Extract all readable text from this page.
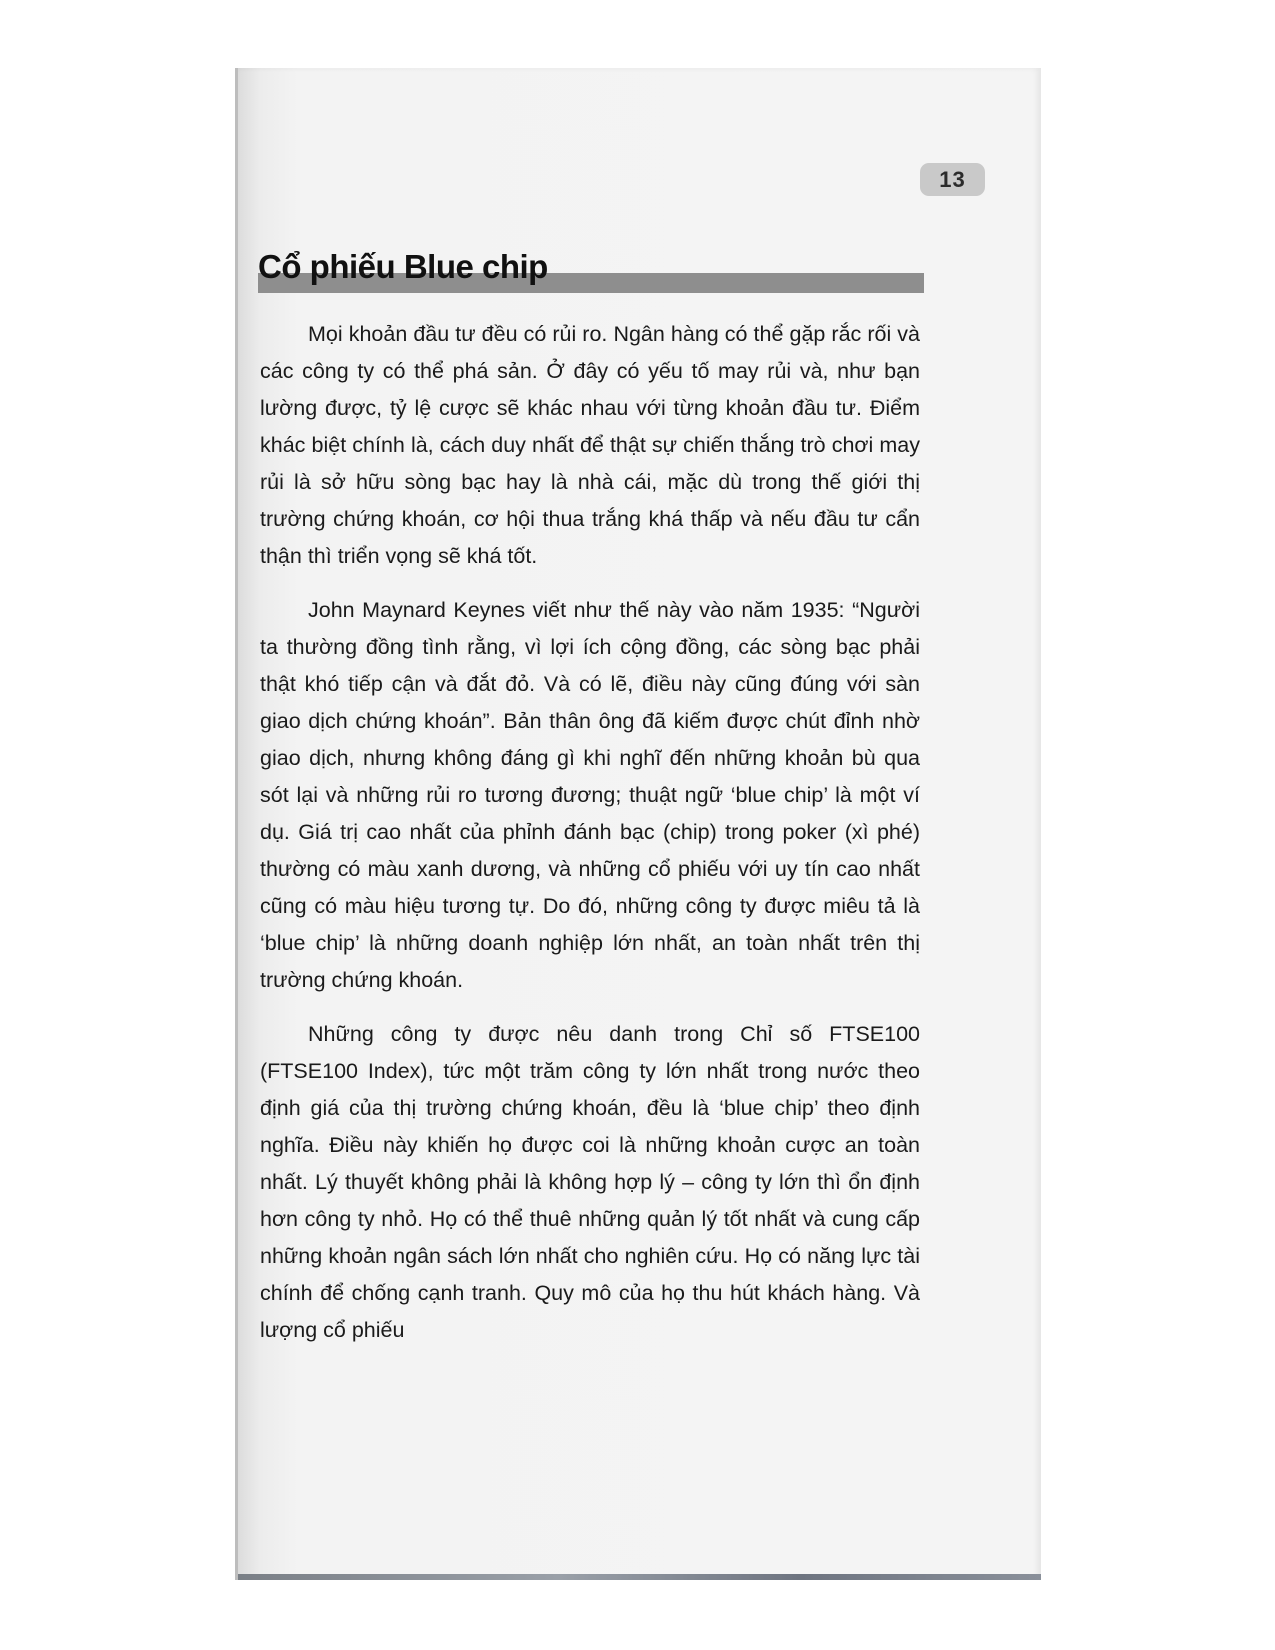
13
Cổ phiếu Blue chip

Mọi khoản đầu tư đều có rủi ro. Ngân hàng có thể gặp rắc rối và các công ty có thể phá sản. Ở đây có yếu tố may rủi và, như bạn lường được, tỷ lệ cược sẽ khác nhau với từng khoản đầu tư. Điểm khác biệt chính là, cách duy nhất để thật sự chiến thắng trò chơi may rủi là sở hữu sòng bạc hay là nhà cái, mặc dù trong thế giới thị trường chứng khoán, cơ hội thua trắng khá thấp và nếu đầu tư cẩn thận thì triển vọng sẽ khá tốt.

John Maynard Keynes viết như thế này vào năm 1935: “Người ta thường đồng tình rằng, vì lợi ích cộng đồng, các sòng bạc phải thật khó tiếp cận và đắt đỏ. Và có lẽ, điều này cũng đúng với sàn giao dịch chứng khoán”. Bản thân ông đã kiếm được chút đỉnh nhờ giao dịch, nhưng không đáng gì khi nghĩ đến những khoản bù qua sót lại và những rủi ro tương đương; thuật ngữ ‘blue chip’ là một ví dụ. Giá trị cao nhất của phỉnh đánh bạc (chip) trong poker (xì phé) thường có màu xanh dương, và những cổ phiếu với uy tín cao nhất cũng có màu hiệu tương tự. Do đó, những công ty được miêu tả là ‘blue chip’ là những doanh nghiệp lớn nhất, an toàn nhất trên thị trường chứng khoán.

Những công ty được nêu danh trong Chỉ số FTSE100 (FTSE100 Index), tức một trăm công ty lớn nhất trong nước theo định giá của thị trường chứng khoán, đều là ‘blue chip’ theo định nghĩa. Điều này khiến họ được coi là những khoản cược an toàn nhất. Lý thuyết không phải là không hợp lý – công ty lớn thì ổn định hơn công ty nhỏ. Họ có thể thuê những quản lý tốt nhất và cung cấp những khoản ngân sách lớn nhất cho nghiên cứu. Họ có năng lực tài chính để chống cạnh tranh. Quy mô của họ thu hút khách hàng. Và lượng cổ phiếu
